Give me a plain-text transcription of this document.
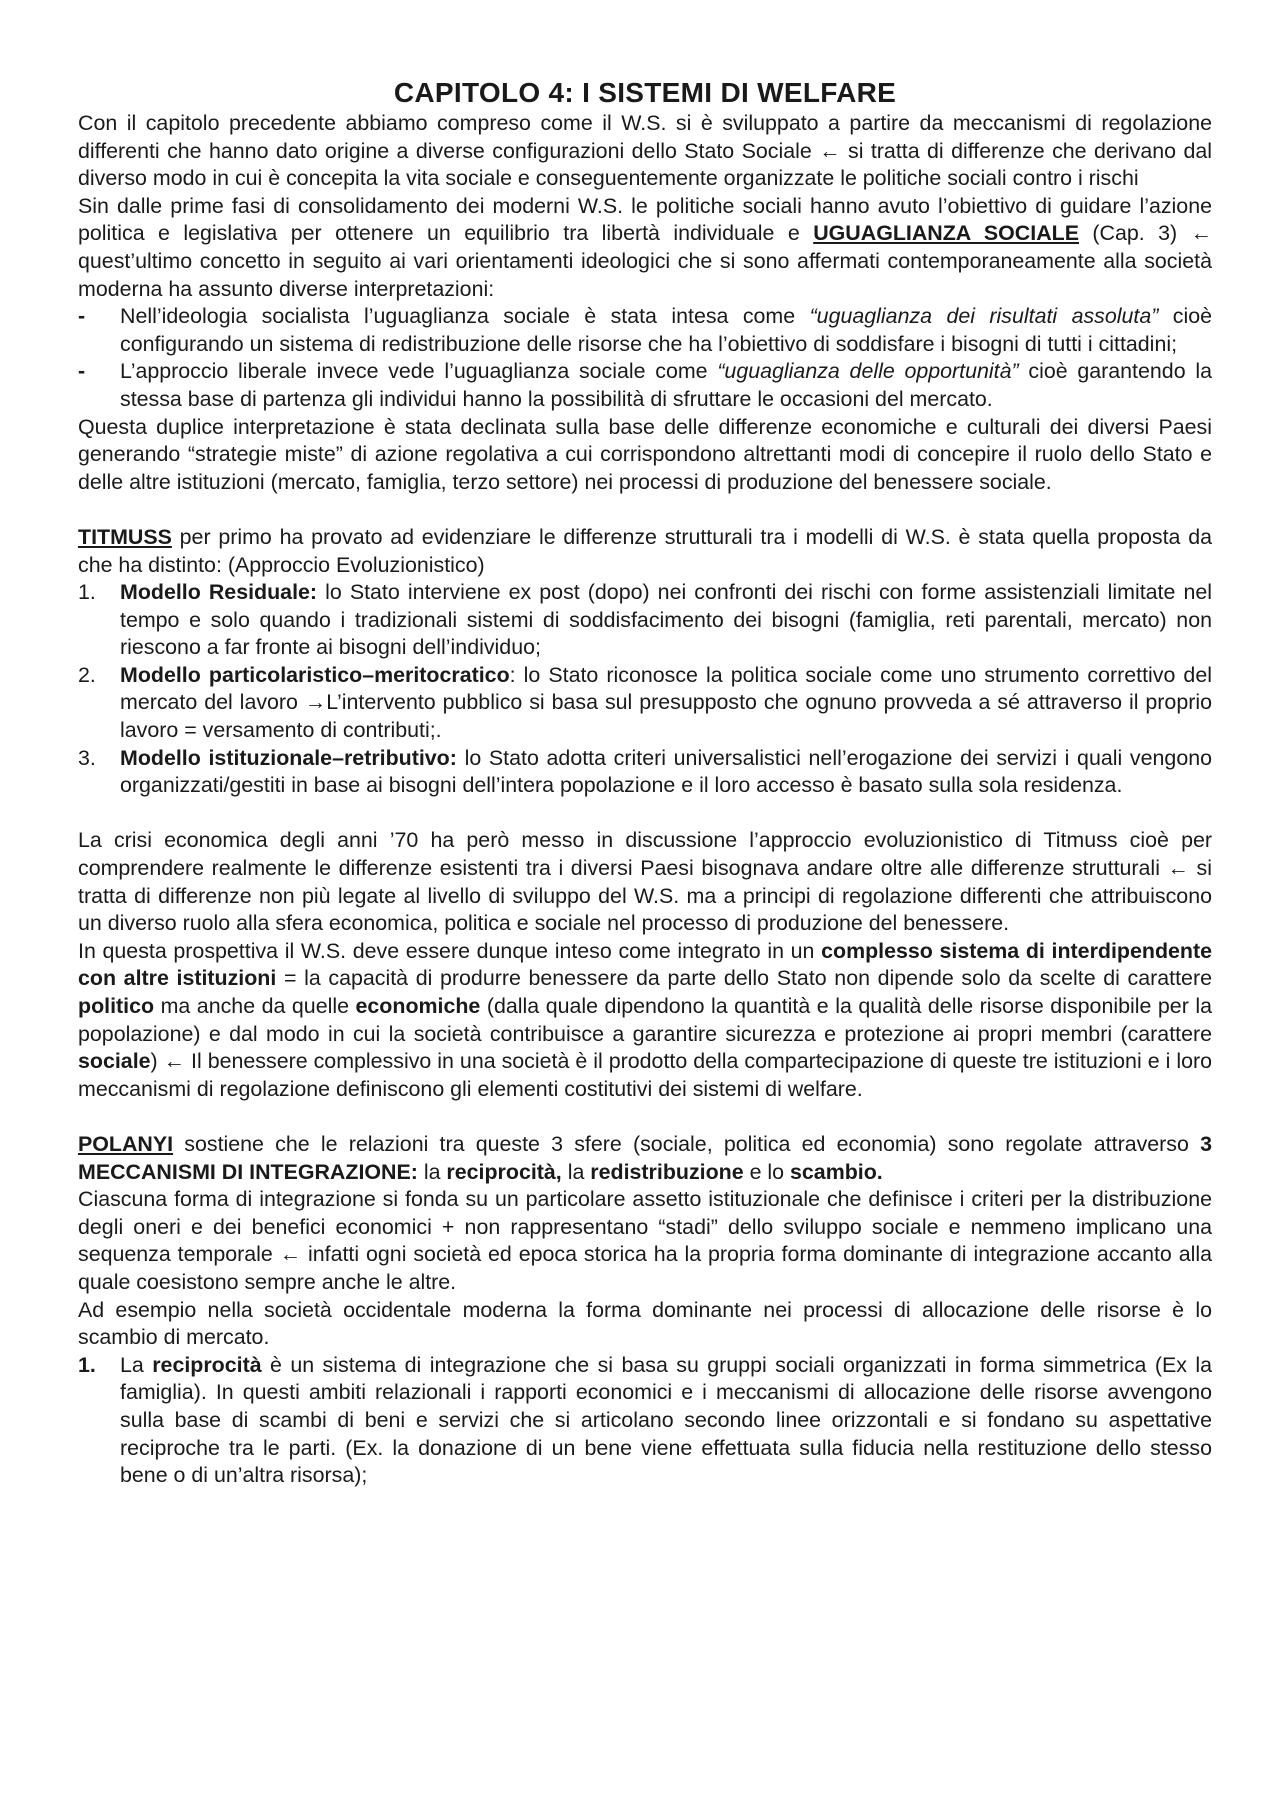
CAPITOLO 4: I SISTEMI DI WELFARE

Con il capitolo precedente abbiamo compreso come il W.S. si è sviluppato a partire da meccanismi di regolazione differenti che hanno dato origine a diverse configurazioni dello Stato Sociale ← si tratta di differenze che derivano dal diverso modo in cui è concepita la vita sociale e conseguentemente organizzate le politiche sociali contro i rischi

Sin dalle prime fasi di consolidamento dei moderni W.S. le politiche sociali hanno avuto l’obiettivo di guidare l’azione politica e legislativa per ottenere un equilibrio tra libertà individuale e UGUAGLIANZA SOCIALE (Cap. 3) ← quest’ultimo concetto in seguito ai vari orientamenti ideologici che si sono affermati contemporaneamente alla società moderna ha assunto diverse interpretazioni:

-	Nell’ideologia socialista l’uguaglianza sociale è stata intesa come “uguaglianza dei risultati assoluta” cioè configurando un sistema di redistribuzione delle risorse che ha l’obiettivo di soddisfare i bisogni di tutti i cittadini;
-	L’approccio liberale invece vede l’uguaglianza sociale come “uguaglianza delle opportunità” cioè garantendo la stessa base di partenza gli individui hanno la possibilità di sfruttare le occasioni del mercato.

Questa duplice interpretazione è stata declinata sulla base delle differenze economiche e culturali dei diversi Paesi generando “strategie miste” di azione regolativa a cui corrispondono altrettanti modi di concepire il ruolo dello Stato e delle altre istituzioni (mercato, famiglia, terzo settore) nei processi di produzione del benessere sociale.

TITMUSS per primo ha provato ad evidenziare le differenze strutturali tra i modelli di W.S. è stata quella proposta da che ha distinto: (Approccio Evoluzionistico)

1.	Modello Residuale: lo Stato interviene ex post (dopo) nei confronti dei rischi con forme assistenziali limitate nel tempo e solo quando i tradizionali sistemi di soddisfacimento dei bisogni (famiglia, reti parentali, mercato) non riescono a far fronte ai bisogni dell’individuo;
2.	Modello particolaristico–meritocratico: lo Stato riconosce la politica sociale come uno strumento correttivo del mercato del lavoro →L’intervento pubblico si basa sul presupposto che ognuno provveda a sé attraverso il proprio lavoro = versamento di contributi;.
3.	Modello istituzionale–retributivo: lo Stato adotta criteri universalistici nell’erogazione dei servizi i quali vengono organizzati/gestiti in base ai bisogni dell’intera popolazione e il loro accesso è basato sulla sola residenza.

La crisi economica degli anni ’70 ha però messo in discussione l’approccio evoluzionistico di Titmuss cioè per comprendere realmente le differenze esistenti tra i diversi Paesi bisognava andare oltre alle differenze strutturali ← si tratta di differenze non più legate al livello di sviluppo del W.S. ma a principi di regolazione differenti che attribuiscono un diverso ruolo alla sfera economica, politica e sociale nel processo di produzione del benessere.

In questa prospettiva il W.S. deve essere dunque inteso come integrato in un complesso sistema di interdipendente con altre istituzioni = la capacità di produrre benessere da parte dello Stato non dipende solo da scelte di carattere politico ma anche da quelle economiche (dalla quale dipendono la quantità e la qualità delle risorse disponibile per la popolazione) e dal modo in cui la società contribuisce a garantire sicurezza e protezione ai propri membri (carattere sociale) ← Il benessere complessivo in una società è il prodotto della compartecipazione di queste tre istituzioni e i loro meccanismi di regolazione definiscono gli elementi costitutivi dei sistemi di welfare.

POLANYI sostiene che le relazioni tra queste 3 sfere (sociale, politica ed economia) sono regolate attraverso 3 MECCANISMI DI INTEGRAZIONE: la reciprocità, la redistribuzione e lo scambio.

Ciascuna forma di integrazione si fonda su un particolare assetto istituzionale che definisce i criteri per la distribuzione degli oneri e dei benefici economici + non rappresentano “stadi” dello sviluppo sociale e nemmeno implicano una sequenza temporale ← infatti ogni società ed epoca storica ha la propria forma dominante di integrazione accanto alla quale coesistono sempre anche le altre.

Ad esempio nella società occidentale moderna la forma dominante nei processi di allocazione delle risorse è lo scambio di mercato.

1.	La reciprocità è un sistema di integrazione che si basa su gruppi sociali organizzati in forma simmetrica (Ex la famiglia). In questi ambiti relazionali i rapporti economici e i meccanismi di allocazione delle risorse avvengono sulla base di scambi di beni e servizi che si articolano secondo linee orizzontali e si fondano su aspettative reciproche tra le parti. (Ex. la donazione di un bene viene effettuata sulla fiducia nella restituzione dello stesso bene o di un’altra risorsa);
